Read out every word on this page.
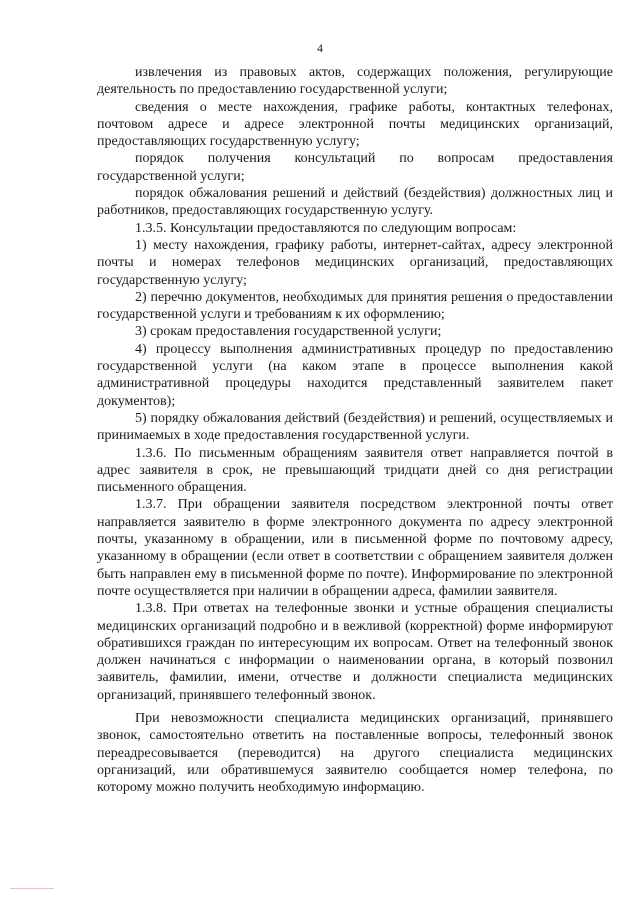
4

извлечения из правовых актов, содержащих положения, регулирующие деятельность по предоставлению государственной услуги;

сведения о месте нахождения, графике работы, контактных телефонах, почтовом адресе и адресе электронной почты медицинских организаций, предоставляющих государственную услугу;

порядок получения консультаций по вопросам предоставления государственной услуги;

порядок обжалования решений и действий (бездействия) должностных лиц и работников, предоставляющих государственную услугу.

1.3.5. Консультации предоставляются по следующим вопросам:

1) месту нахождения, графику работы, интернет-сайтах, адресу электронной почты и номерах телефонов медицинских организаций, предоставляющих государственную услугу;

2) перечню документов, необходимых для принятия решения о предоставлении государственной услуги и требованиям к их оформлению;

3) срокам предоставления государственной услуги;

4) процессу выполнения административных процедур по предоставлению государственной услуги (на каком этапе в процессе выполнения какой административной процедуры находится представленный заявителем пакет документов);

5) порядку обжалования действий (бездействия) и решений, осуществляемых и принимаемых в ходе предоставления государственной услуги.

1.3.6. По письменным обращениям заявителя ответ направляется почтой в адрес заявителя в срок, не превышающий тридцати дней со дня регистрации письменного обращения.

1.3.7. При обращении заявителя посредством электронной почты ответ направляется заявителю в форме электронного документа по адресу электронной почты, указанному в обращении, или в письменной форме по почтовому адресу, указанному в обращении (если ответ в соответствии с обращением заявителя должен быть направлен ему в письменной форме по почте). Информирование по электронной почте осуществляется при наличии в обращении адреса, фамилии заявителя.

1.3.8. При ответах на телефонные звонки и устные обращения специалисты медицинских организаций подробно и в вежливой (корректной) форме информируют обратившихся граждан по интересующим их вопросам. Ответ на телефонный звонок должен начинаться с информации о наименовании органа, в который позвонил заявитель, фамилии, имени, отчестве и должности специалиста медицинских организаций, принявшего телефонный звонок.

При невозможности специалиста медицинских организаций, принявшего звонок, самостоятельно ответить на поставленные вопросы, телефонный звонок переадресовывается (переводится) на другого специалиста медицинских организаций, или обратившемуся заявителю сообщается номер телефона, по которому можно получить необходимую информацию.
